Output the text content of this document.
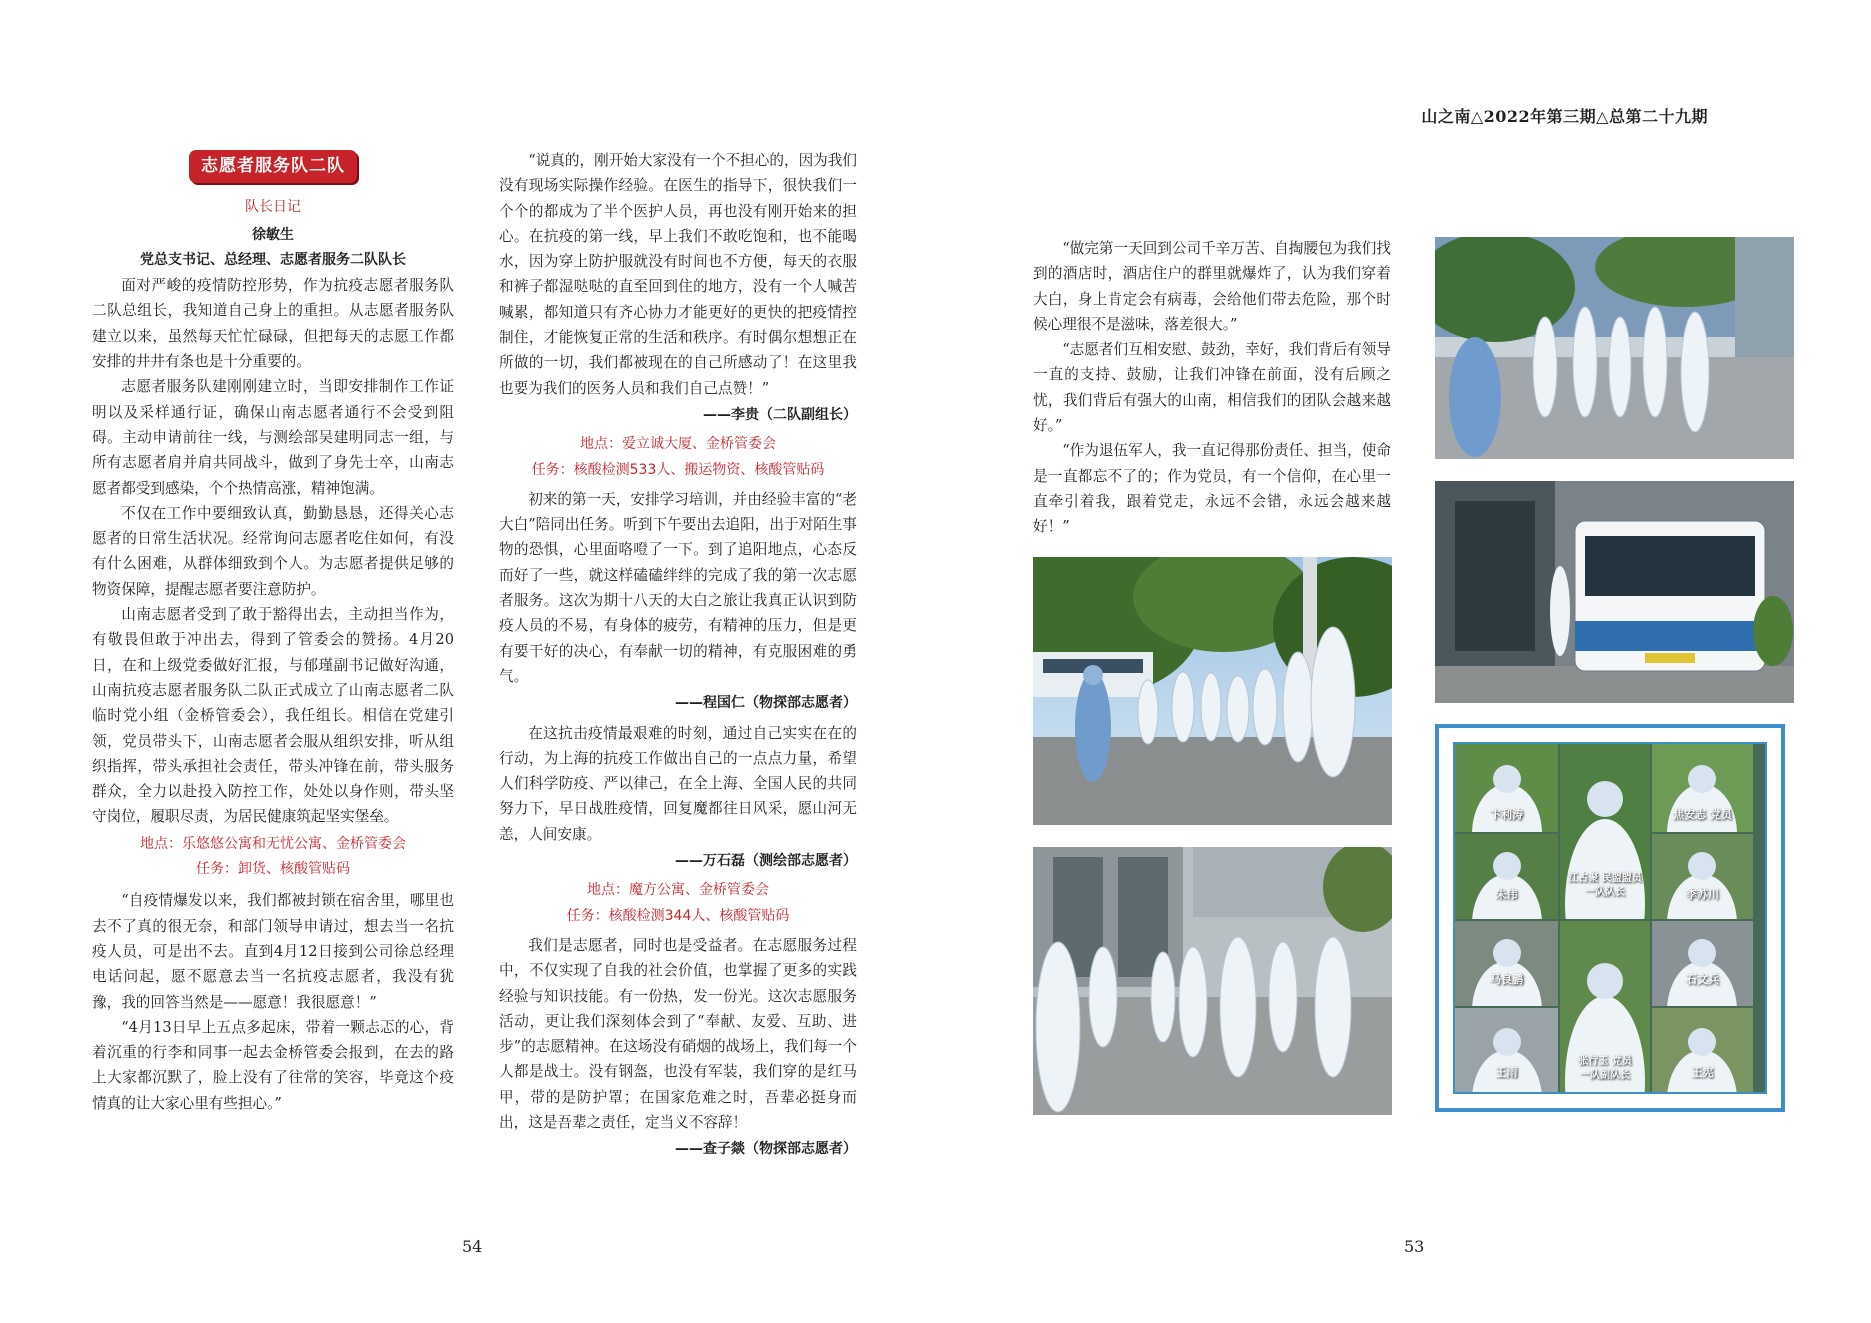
山之南△2022年第三期△总第二十九期
志愿者服务队二队
队长日记
徐敏生
党总支书记、总经理、志愿者服务二队队长

面对严峻的疫情防控形势，作为抗疫志愿者服务队二队总组长，我知道自己身上的重担。从志愿者服务队建立以来，虽然每天忙忙碌碌，但把每天的志愿工作都安排的井井有条也是十分重要的。

志愿者服务队建刚刚建立时，当即安排制作工作证明以及采样通行证，确保山南志愿者通行不会受到阻碍。主动申请前往一线，与测绘部吴建明同志一组，与所有志愿者肩并肩共同战斗，做到了身先士卒，山南志愿者都受到感染，个个热情高涨，精神饱满。

不仅在工作中要细致认真，勤勤恳恳，还得关心志愿者的日常生活状况。经常询问志愿者吃住如何，有没有什么困难，从群体细致到个人。为志愿者提供足够的物资保障，提醒志愿者要注意防护。

山南志愿者受到了敢于豁得出去，主动担当作为，有敬畏但敢于冲出去，得到了管委会的赞扬。4月20日，在和上级党委做好汇报，与郁瑾副书记做好沟通，山南抗疫志愿者服务队二队正式成立了山南志愿者二队临时党小组（金桥管委会），我任组长。相信在党建引领，党员带头下，山南志愿者会服从组织安排，听从组织指挥，带头承担社会责任，带头冲锋在前，带头服务群众，全力以赴投入防控工作，处处以身作则，带头坚守岗位，履职尽责，为居民健康筑起坚实堡垒。

地点：乐悠悠公寓和无忧公寓、金桥管委会
任务：卸货、核酸管贴码

“自疫情爆发以来，我们都被封锁在宿舍里，哪里也去不了真的很无奈，和部门领导申请过，想去当一名抗疫人员，可是出不去。直到4月12日接到公司徐总经理电话问起，愿不愿意去当一名抗疫志愿者，我没有犹豫，我的回答当然是——愿意！我很愿意！”

“4月13日早上五点多起床，带着一颗忐忑的心，背着沉重的行李和同事一起去金桥管委会报到，在去的路上大家都沉默了，脸上没有了往常的笑容，毕竟这个疫情真的让大家心里有些担心。”

“说真的，刚开始大家没有一个不担心的，因为我们没有现场实际操作经验。在医生的指导下，很快我们一个个的都成为了半个医护人员，再也没有刚开始来的担心。在抗疫的第一线，早上我们不敢吃饱和，也不能喝水，因为穿上防护服就没有时间也不方便，每天的衣服和裤子都湿哒哒的直至回到住的地方，没有一个人喊苦喊累，都知道只有齐心协力才能更好的更快的把疫情控制住，才能恢复正常的生活和秩序。有时偶尔想想正在所做的一切，我们都被现在的自己所感动了！在这里我也要为我们的医务人员和我们自己点赞！”

——李贵（二队副组长）
地点：爱立诚大厦、金桥管委会
任务：核酸检测533人、搬运物资、核酸管贴码

初来的第一天，安排学习培训，并由经验丰富的“老大白”陪同出任务。听到下午要出去追阳，出于对陌生事物的恐惧，心里面咯噔了一下。到了追阳地点，心态反而好了一些，就这样磕磕绊绊的完成了我的第一次志愿者服务。这次为期十八天的大白之旅让我真正认识到防疫人员的不易，有身体的疲劳，有精神的压力，但是更有要干好的决心，有奉献一切的精神，有克服困难的勇气。

——程国仁（物探部志愿者）

在这抗击疫情最艰难的时刻，通过自己实实在在的行动，为上海的抗疫工作做出自己的一点点力量，希望人们科学防疫、严以律己，在全上海、全国人民的共同努力下，早日战胜疫情，回复魔都往日风采，愿山河无恙，人间安康。

——万石磊（测绘部志愿者）
地点：魔方公寓、金桥管委会
任务：核酸检测344人、核酸管贴码

我们是志愿者，同时也是受益者。在志愿服务过程中，不仅实现了自我的社会价值，也掌握了更多的实践经验与知识技能。有一份热，发一份光。这次志愿服务活动，更让我们深刻体会到了“奉献、友爱、互助、进步”的志愿精神。在这场没有硝烟的战场上，我们每一个人都是战士。没有钢盔，也没有军装，我们穿的是红马甲，带的是防护罩；在国家危难之时，吾辈必挺身而出，这是吾辈之责任，定当义不容辞！

——查子燚（物探部志愿者）
54

“做完第一天回到公司千辛万苦、自掏腰包为我们找到的酒店时，酒店住户的群里就爆炸了，认为我们穿着大白，身上肯定会有病毒，会给他们带去危险，那个时候心理很不是滋味，落差很大。”

“志愿者们互相安慰、鼓劲，幸好，我们背后有领导一直的支持、鼓励，让我们冲锋在前面，没有后顾之忧，我们背后有强大的山南，相信我们的团队会越来越好。”

“作为退伍军人，我一直记得那份责任、担当，使命是一直都忘不了的；作为党员，有一个信仰，在心里一直牵引着我，跟着党走，永远不会错，永远会越来越好！”

卞利涛
江占聚 民盟盟员
一队队长
焦安志 党员
朱伟	李苏川
马良鹏
张行玉 党员
一队副队长
石文兵
王雨	王宪
53
